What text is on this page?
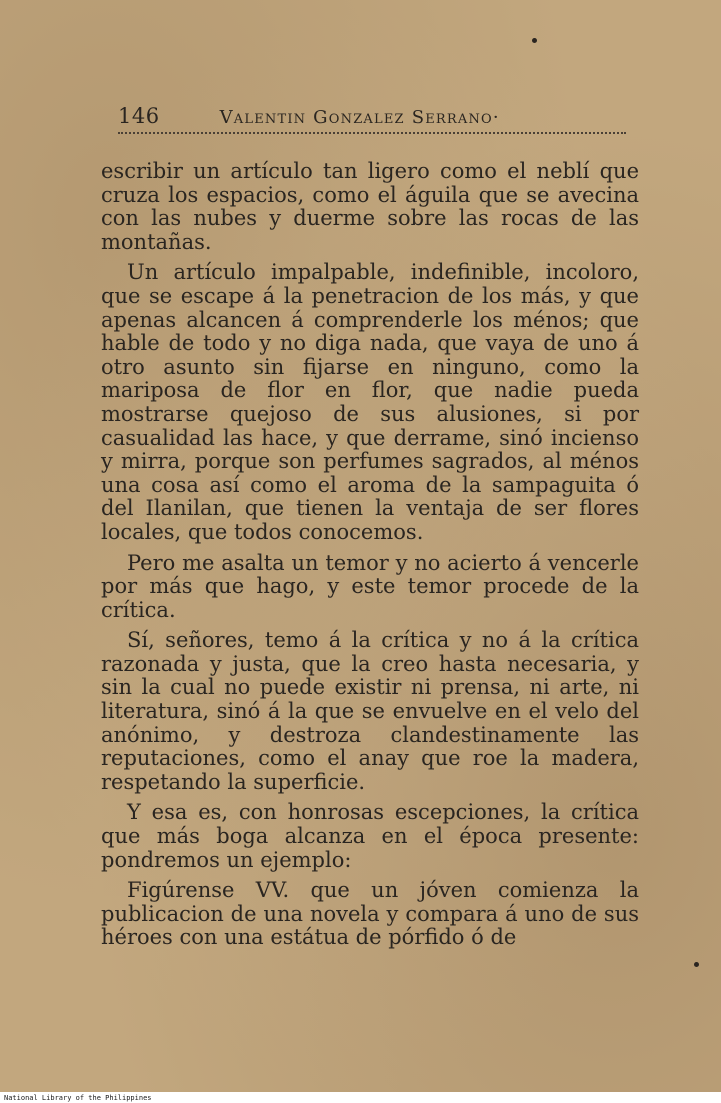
146	Valentin Gonzalez Serrano·

escribir un artículo tan ligero como el neblí que cruza los espacios, como el águila que se avecina con las nubes y duerme sobre las rocas de las montañas.

Un artículo impalpable, indefinible, incoloro, que se escape á la penetracion de los más, y que apenas alcancen á comprenderle los ménos; que hable de todo y no diga nada, que vaya de uno á otro asunto sin fijarse en ninguno, como la mariposa de flor en flor, que nadie pueda mostrarse quejoso de sus alusiones, si por casualidad las hace, y que derrame, sinó incienso y mirra, porque son perfumes sagrados, al ménos una cosa así como el aroma de la sampaguita ó del Ilanilan, que tienen la ventaja de ser flores locales, que todos conocemos.

Pero me asalta un temor y no acierto á vencerle por más que hago, y este temor procede de la crítica.

Sí, señores, temo á la crítica y no á la crítica razonada y justa, que la creo hasta necesaria, y sin la cual no puede existir ni prensa, ni arte, ni literatura, sinó á la que se envuelve en el velo del anónimo, y destroza clandestinamente las reputaciones, como el anay que roe la madera, respetando la superficie.

Y esa es, con honrosas escepciones, la crítica que más boga alcanza en el época presente: pondremos un ejemplo:

Figúrense VV. que un jóven comienza la publicacion de una novela y compara á uno de sus héroes con una estátua de pórfido ó de

National Library of the Philippines
